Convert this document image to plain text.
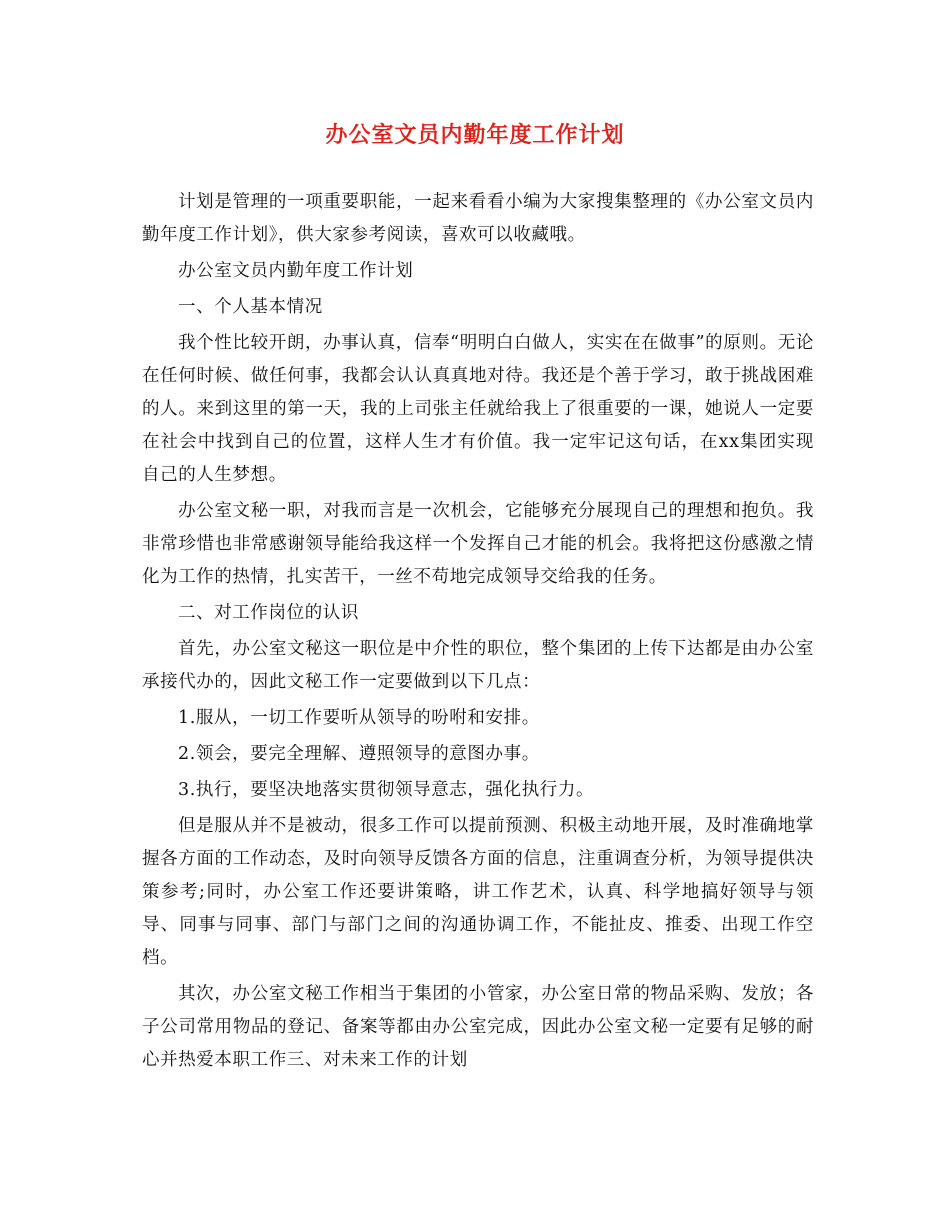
办公室文员内勤年度工作计划

计划是管理的一项重要职能，一起来看看小编为大家搜集整理的《办公室文员内勤年度工作计划》，供大家参考阅读，喜欢可以收藏哦。

办公室文员内勤年度工作计划

一、个人基本情况

我个性比较开朗，办事认真，信奉“明明白白做人，实实在在做事”的原则。无论在任何时候、做任何事，我都会认认真真地对待。我还是个善于学习，敢于挑战困难的人。来到这里的第一天，我的上司张主任就给我上了很重要的一课，她说人一定要在社会中找到自己的位置，这样人生才有价值。我一定牢记这句话，在xx集团实现自己的人生梦想。

办公室文秘一职，对我而言是一次机会，它能够充分展现自己的理想和抱负。我非常珍惜也非常感谢领导能给我这样一个发挥自己才能的机会。我将把这份感激之情化为工作的热情，扎实苦干，一丝不苟地完成领导交给我的任务。

二、对工作岗位的认识

首先，办公室文秘这一职位是中介性的职位，整个集团的上传下达都是由办公室承接代办的，因此文秘工作一定要做到以下几点：

1.服从，一切工作要听从领导的吩咐和安排。

2.领会，要完全理解、遵照领导的意图办事。

3.执行，要坚决地落实贯彻领导意志，强化执行力。

但是服从并不是被动，很多工作可以提前预测、积极主动地开展，及时准确地掌握各方面的工作动态，及时向领导反馈各方面的信息，注重调查分析，为领导提供决策参考;同时，办公室工作还要讲策略，讲工作艺术，认真、科学地搞好领导与领导、同事与同事、部门与部门之间的沟通协调工作，不能扯皮、推委、出现工作空档。

其次，办公室文秘工作相当于集团的小管家，办公室日常的物品采购、发放；各子公司常用物品的登记、备案等都由办公室完成，因此办公室文秘一定要有足够的耐心并热爱本职工作三、对未来工作的计划
